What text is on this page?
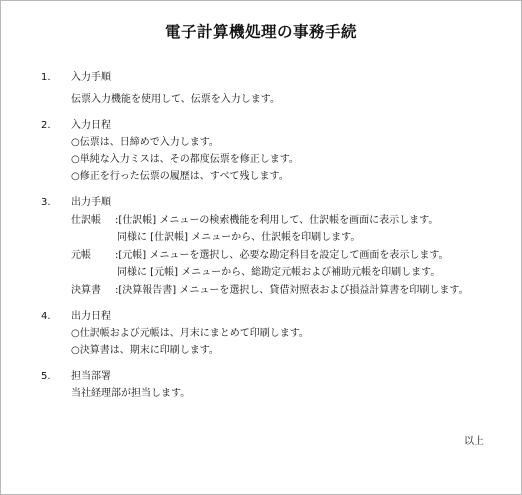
電子計算機処理の事務手続
1. 入力手順
伝票入力機能を使用して、伝票を入力します。
2. 入力日程
○伝票は、日締めで入力します。
○単純な入力ミスは、その都度伝票を修正します。
○修正を行った伝票の履歴は、すべて残します。
3. 出力手順
仕訳帳 :[仕訳帳] メニューの検索機能を利用して、仕訳帳を画面に表示します。
同様に [仕訳帳] メニューから、仕訳帳を印刷します。
元帳 :[元帳] メニューを選択し、必要な勘定科目を設定して画面を表示します。
同様に [元帳] メニューから、総勘定元帳および補助元帳を印刷します。
決算書 :[決算報告書] メニューを選択し、貸借対照表および損益計算書を印刷します。
4. 出力日程
○仕訳帳および元帳は、月末にまとめて印刷します。
○決算書は、期末に印刷します。
5. 担当部署
当社経理部が担当します。
以上
